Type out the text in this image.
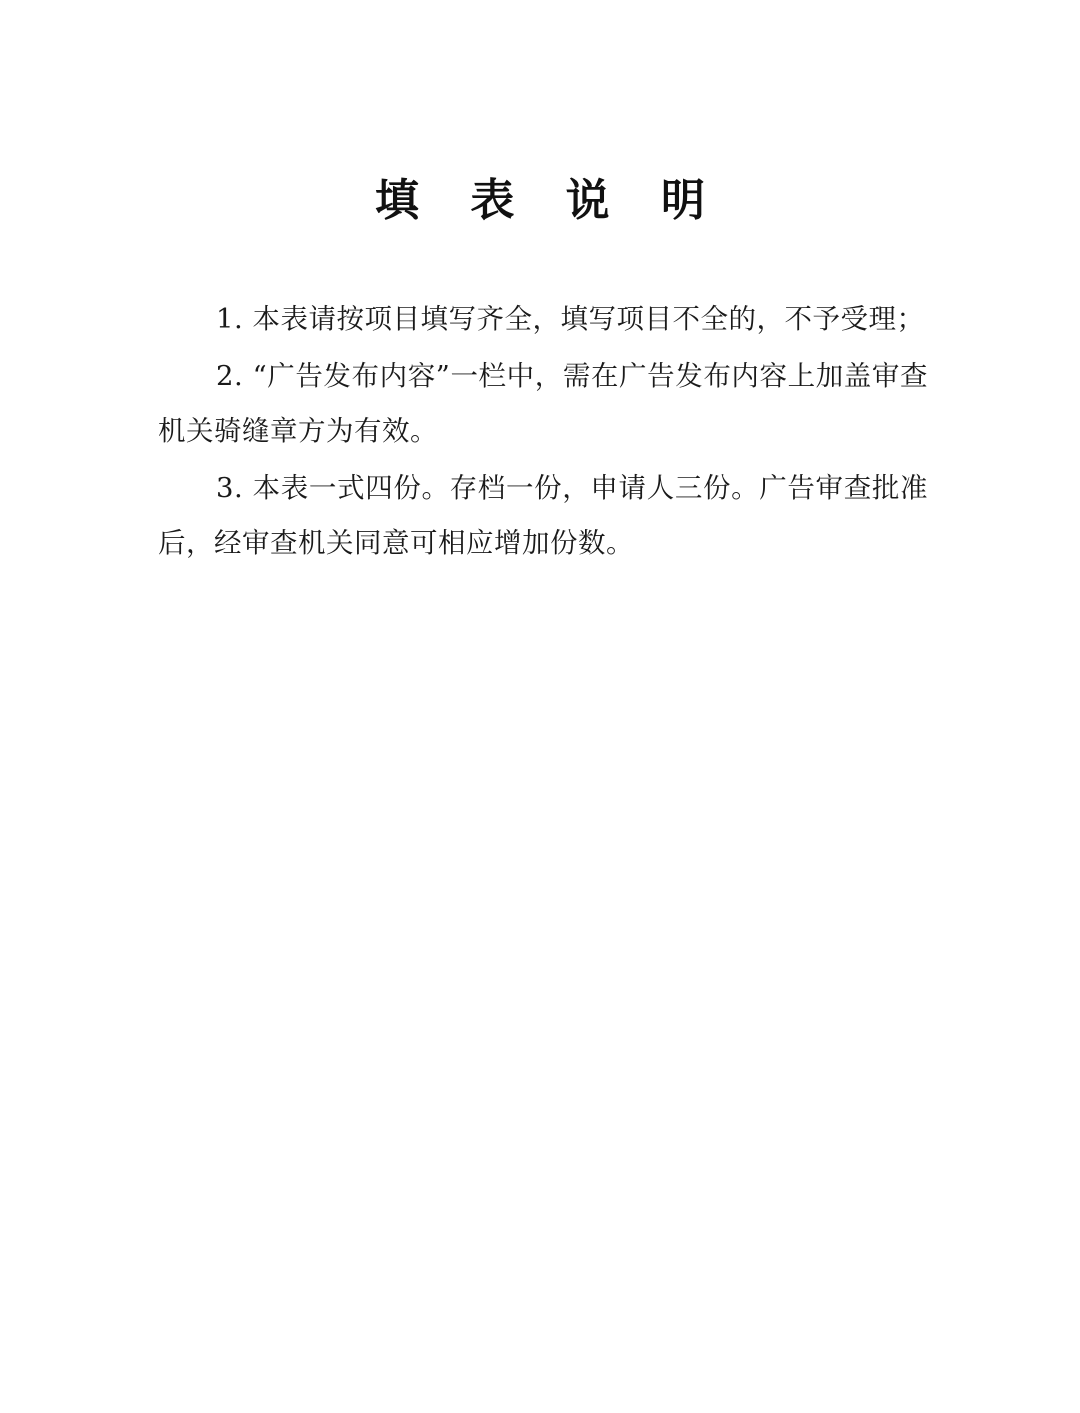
填 表 说 明

1. 本表请按项目填写齐全，填写项目不全的，不予受理；

2. “广告发布内容”一栏中，需在广告发布内容上加盖审查机关骑缝章方为有效。

3. 本表一式四份。存档一份，申请人三份。广告审查批准后，经审查机关同意可相应增加份数。
